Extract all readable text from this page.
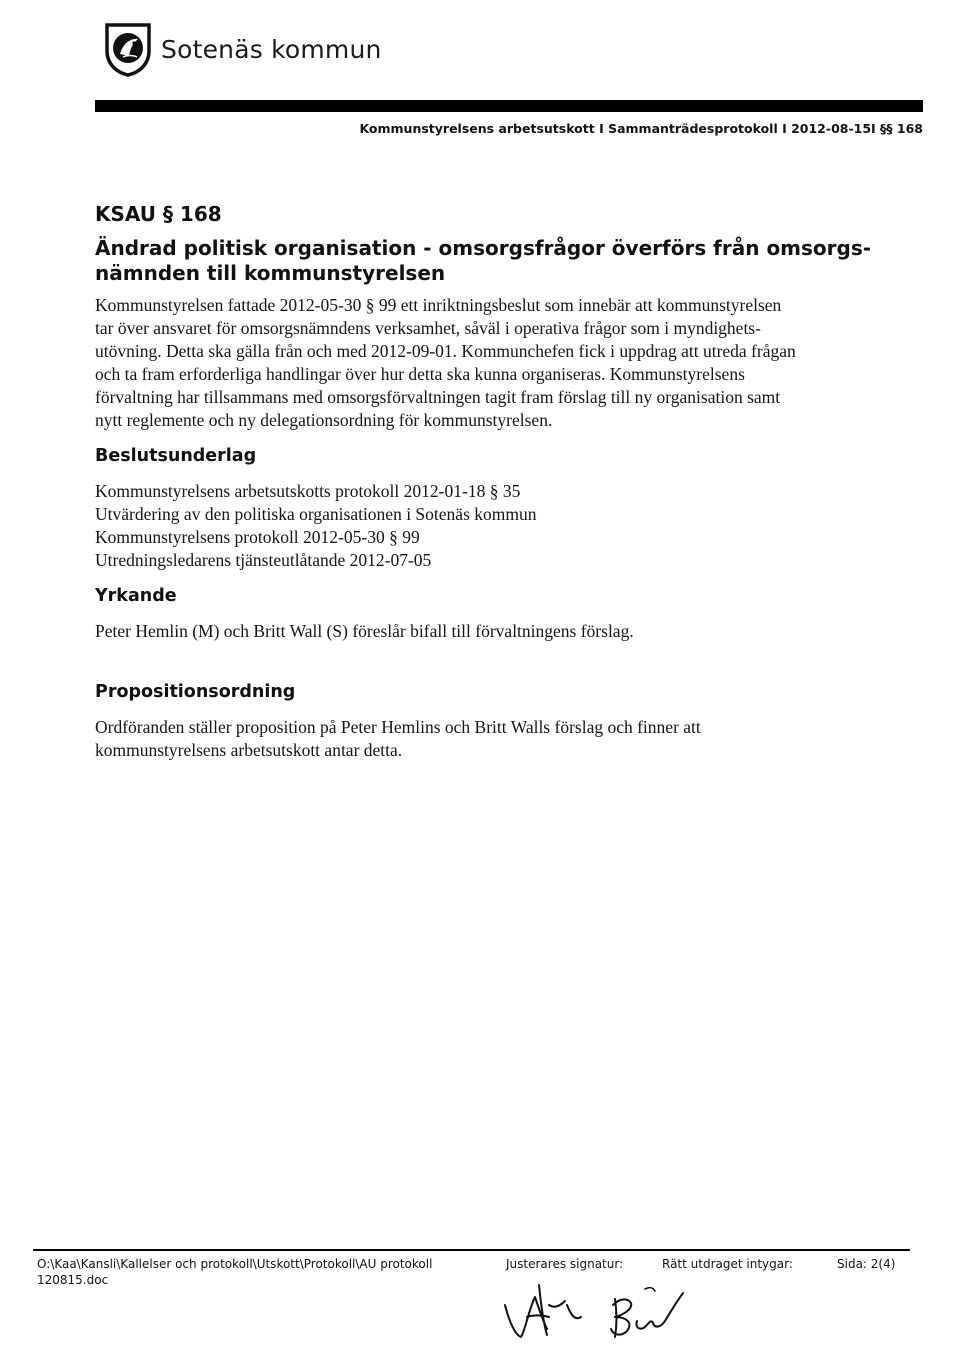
Sotenäs kommun
Kommunstyrelsens arbetsutskott I Sammanträdesprotokoll I 2012-08-15I §§ 168
KSAU § 168
Ändrad politisk organisation - omsorgsfrågor överförs från omsorgs-nämnden till kommunstyrelsen
Kommunstyrelsen fattade 2012-05-30 § 99 ett inriktningsbeslut som innebär att kommunstyrelsen
tar över ansvaret för omsorgsnämndens verksamhet, såväl i operativa frågor som i myndighets-
utövning. Detta ska gälla från och med 2012-09-01. Kommunchefen fick i uppdrag att utreda frågan
och ta fram erforderliga handlingar över hur detta ska kunna organiseras. Kommunstyrelsens
förvaltning har tillsammans med omsorgsförvaltningen tagit fram förslag till ny organisation samt
nytt reglemente och ny delegationsordning för kommunstyrelsen.
Beslutsunderlag
Kommunstyrelsens arbetsutskotts protokoll 2012-01-18 § 35
Utvärdering av den politiska organisationen i Sotenäs kommun
Kommunstyrelsens protokoll 2012-05-30 § 99
Utredningsledarens tjänsteutlåtande 2012-07-05
Yrkande

Peter Hemlin (M) och Britt Wall (S) föreslår bifall till förvaltningens förslag.

Propositionsordning
Ordföranden ställer proposition på Peter Hemlins och Britt Walls förslag och finner att
kommunstyrelsens arbetsutskott antar detta.
O:\Kaa\Kansli\Kallelser och protokoll\Utskott\Protokoll\AU protokoll
120815.doc
Justerares signatur:	Rätt utdraget intygar:	Sida: 2(4)
